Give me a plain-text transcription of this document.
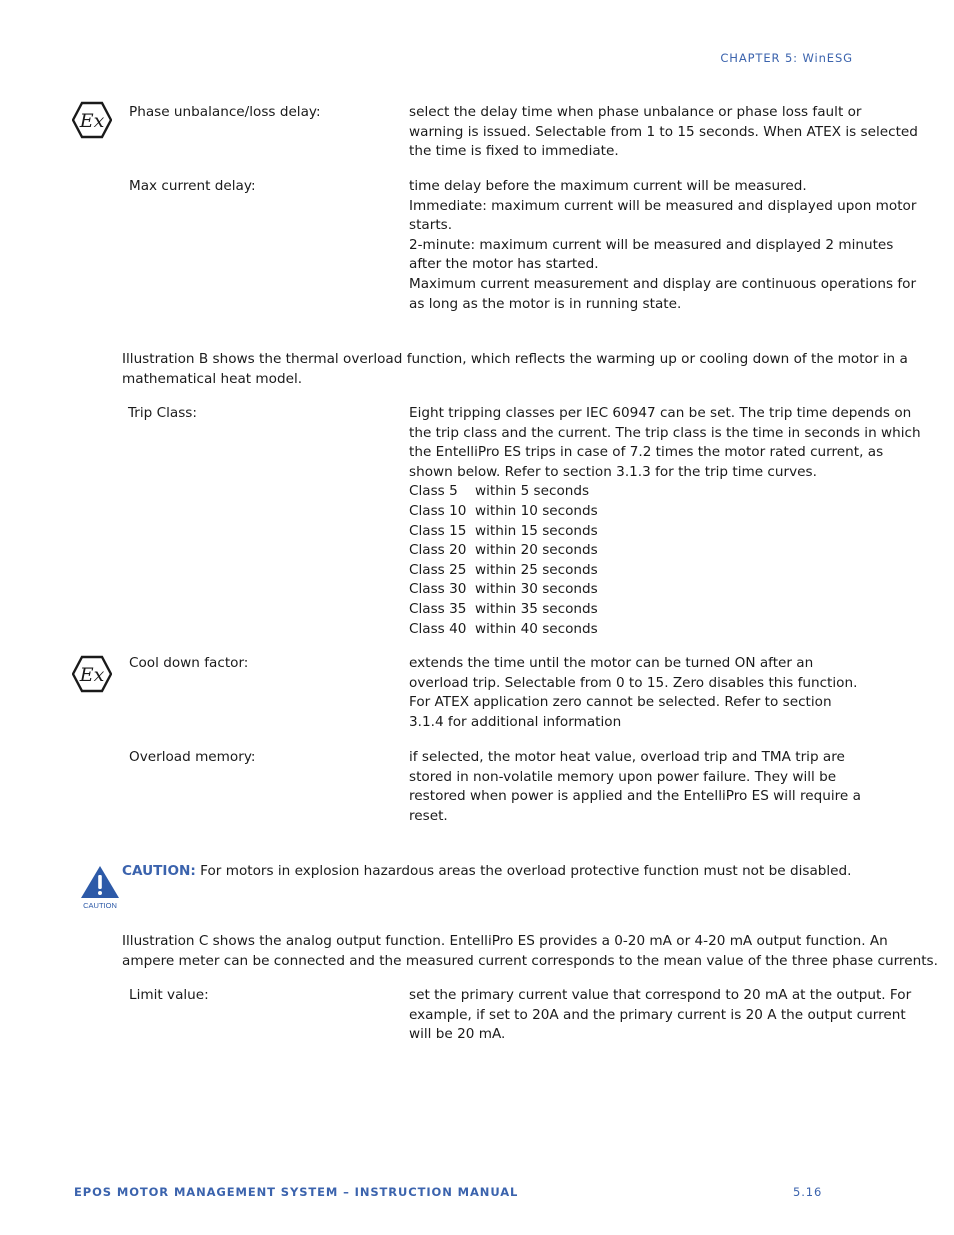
CHAPTER 5: WinESG
Ex Phase unbalance/loss delay:	select the delay time when phase unbalance or phase loss fault or
warning is issued. Selectable from 1 to 15 seconds. When ATEX is selected
the time is fixed to immediate.
Max current delay:	time delay before the maximum current will be measured.
Immediate: maximum current will be measured and displayed upon motor
starts.
2-minute: maximum current will be measured and displayed 2 minutes
after the motor has started.
Maximum current measurement and display are continuous operations for
as long as the motor is in running state.
Illustration B shows the thermal overload function, which reflects the warming up or cooling down of the motor in a
mathematical heat model.
Trip Class:	Eight tripping classes per IEC 60947 can be set. The trip time depends on
the trip class and the current. The trip class is the time in seconds in which
the EntelliPro ES trips in case of 7.2 times the motor rated current, as
shown below. Refer to section 3.1.3 for the trip time curves.
Class 5    within 5 seconds
Class 10  within 10 seconds
Class 15  within 15 seconds
Class 20  within 20 seconds
Class 25  within 25 seconds
Class 30  within 30 seconds
Class 35  within 35 seconds
Class 40  within 40 seconds
Ex
Cool down factor:	extends the time until the motor can be turned ON after an
overload trip. Selectable from 0 to 15. Zero disables this function.
For ATEX application zero cannot be selected. Refer to section
3.1.4 for additional information
Overload memory:	if selected, the motor heat value, overload trip and TMA trip are
stored in non-volatile memory upon power failure. They will be
restored when power is applied and the EntelliPro ES will require a
reset.
CAUTION
CAUTION: For motors in explosion hazardous areas the overload protective function must not be disabled.
Illustration C shows the analog output function. EntelliPro ES provides a 0-20 mA or 4-20 mA output function. An
ampere meter can be connected and the measured current corresponds to the mean value of the three phase currents.
Limit value:	set the primary current value that correspond to 20 mA at the output. For
example, if set to 20A and the primary current is 20 A the output current
will be 20 mA.
EPOS MOTOR MANAGEMENT SYSTEM – INSTRUCTION MANUAL	5.16
